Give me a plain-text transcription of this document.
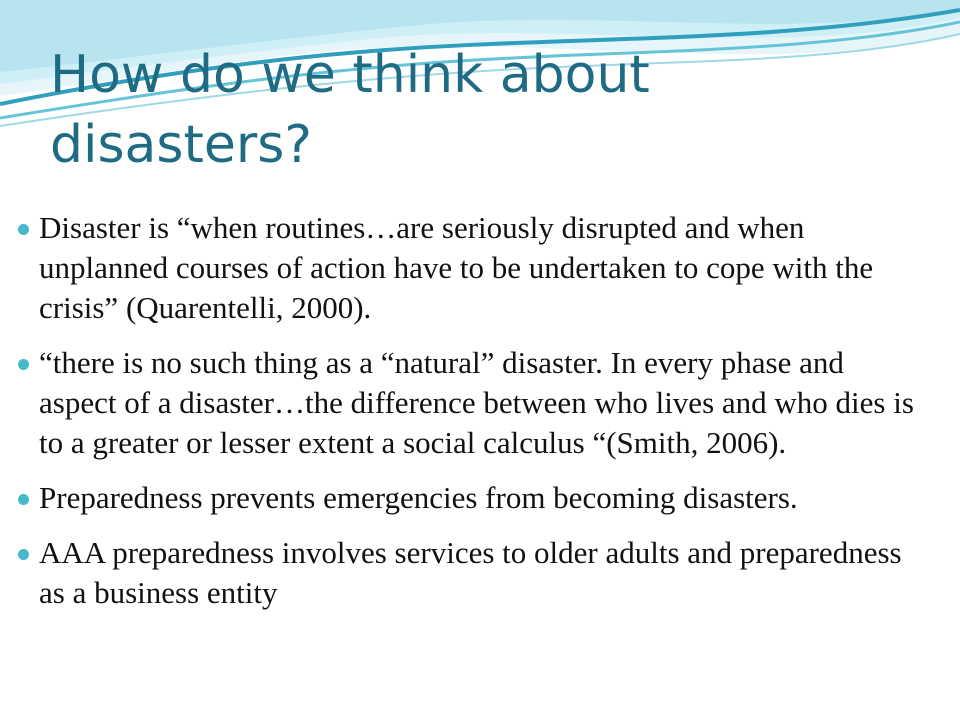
How do we think about disasters?
Disaster is “when routines…are seriously disrupted and when unplanned courses of action have to be undertaken to cope with the crisis” (Quarentelli, 2000).
“there is no such thing as a “natural” disaster. In every phase and aspect of a disaster…the difference between who lives and who dies is to a greater or lesser extent a social calculus “(Smith, 2006).
Preparedness prevents emergencies from becoming disasters.
AAA preparedness involves services to older adults and preparedness as a business entity
